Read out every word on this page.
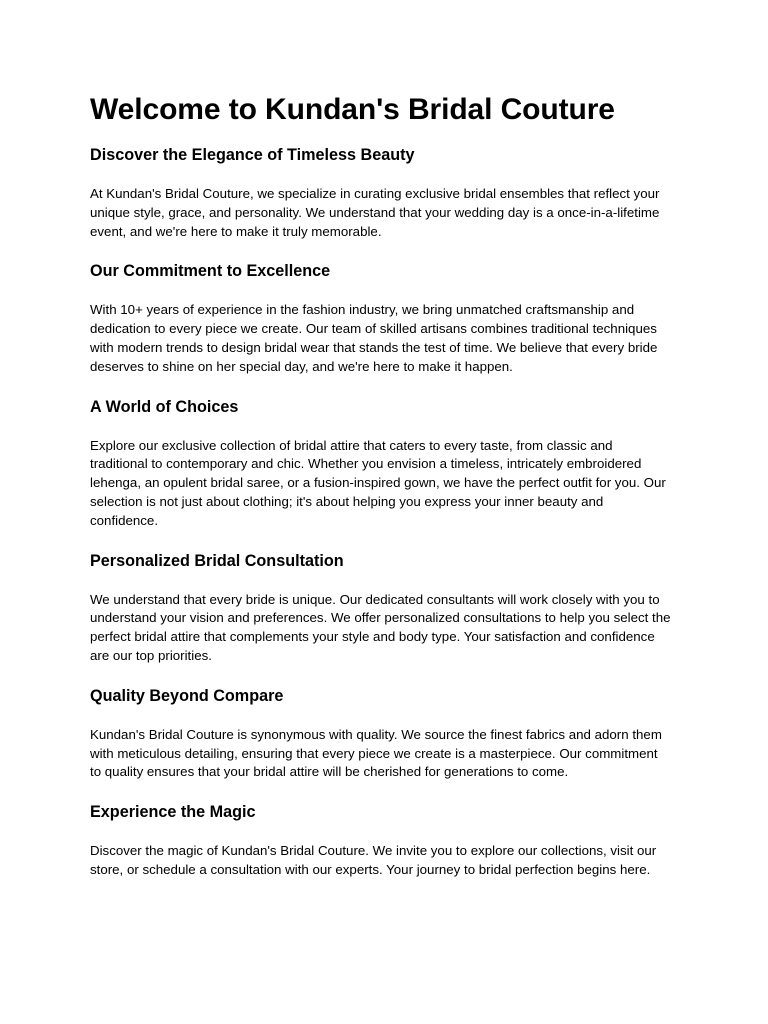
Welcome to Kundan's Bridal Couture
Discover the Elegance of Timeless Beauty

At Kundan's Bridal Couture, we specialize in curating exclusive bridal ensembles that reflect your unique style, grace, and personality. We understand that your wedding day is a once-in-a-lifetime event, and we're here to make it truly memorable.

Our Commitment to Excellence

With 10+ years of experience in the fashion industry, we bring unmatched craftsmanship and dedication to every piece we create. Our team of skilled artisans combines traditional techniques with modern trends to design bridal wear that stands the test of time. We believe that every bride deserves to shine on her special day, and we're here to make it happen.

A World of Choices

Explore our exclusive collection of bridal attire that caters to every taste, from classic and traditional to contemporary and chic. Whether you envision a timeless, intricately embroidered lehenga, an opulent bridal saree, or a fusion-inspired gown, we have the perfect outfit for you. Our selection is not just about clothing; it's about helping you express your inner beauty and confidence.

Personalized Bridal Consultation

We understand that every bride is unique. Our dedicated consultants will work closely with you to understand your vision and preferences. We offer personalized consultations to help you select the perfect bridal attire that complements your style and body type. Your satisfaction and confidence are our top priorities.

Quality Beyond Compare

Kundan's Bridal Couture is synonymous with quality. We source the finest fabrics and adorn them with meticulous detailing, ensuring that every piece we create is a masterpiece. Our commitment to quality ensures that your bridal attire will be cherished for generations to come.

Experience the Magic

Discover the magic of Kundan's Bridal Couture. We invite you to explore our collections, visit our store, or schedule a consultation with our experts. Your journey to bridal perfection begins here.
